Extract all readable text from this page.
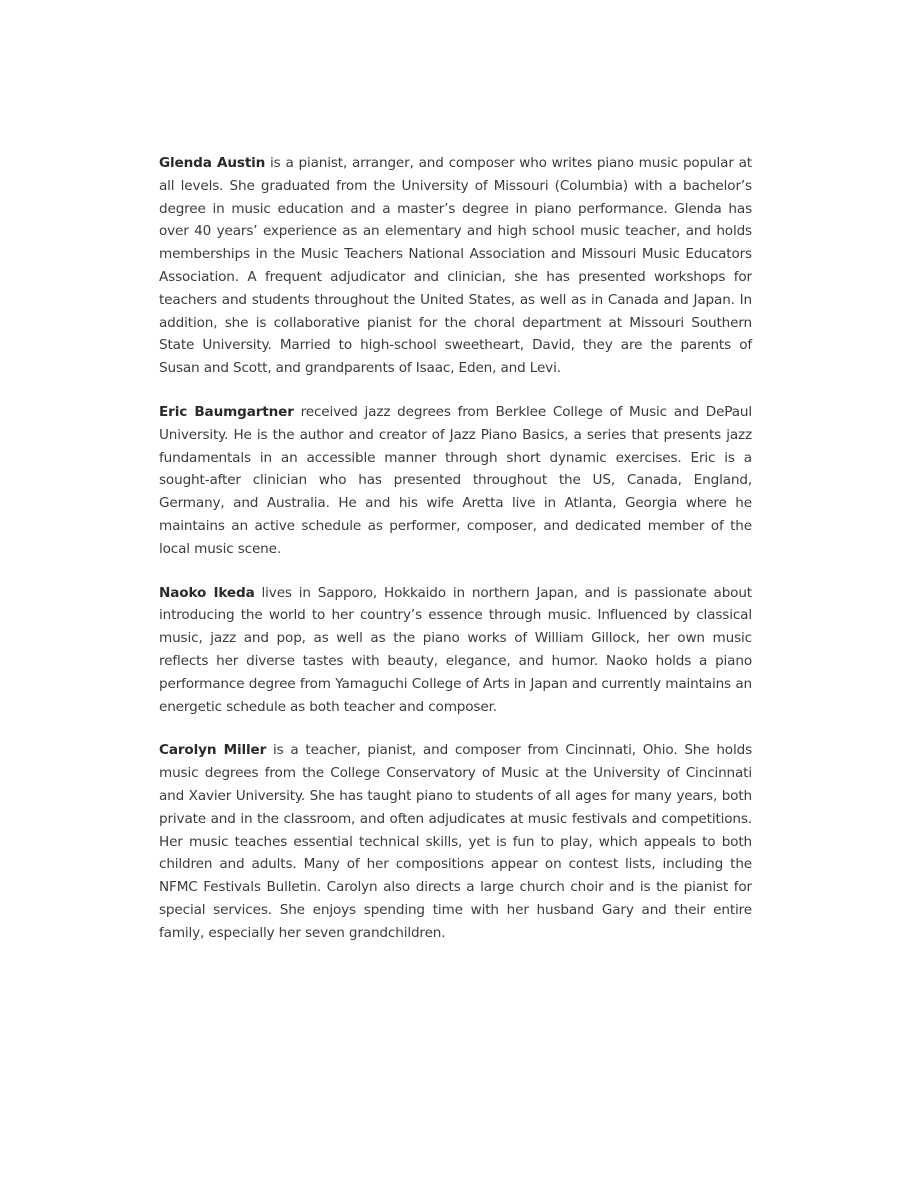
Glenda Austin is a pianist, arranger, and composer who writes piano music popular at all levels. She graduated from the University of Missouri (Columbia) with a bachelor’s degree in music education and a master’s degree in piano performance. Glenda has over 40 years’ experience as an elementary and high school music teacher, and holds memberships in the Music Teachers National Association and Missouri Music Educators Association. A frequent adjudicator and clinician, she has presented workshops for teachers and students throughout the United States, as well as in Canada and Japan. In addition, she is collaborative pianist for the choral department at Missouri Southern State University. Married to high-school sweetheart, David, they are the parents of Susan and Scott, and grandparents of Isaac, Eden, and Levi.

Eric Baumgartner received jazz degrees from Berklee College of Music and DePaul University. He is the author and creator of Jazz Piano Basics, a series that presents jazz fundamentals in an accessible manner through short dynamic exercises. Eric is a sought-after clinician who has presented throughout the US, Canada, England, Germany, and Australia. He and his wife Aretta live in Atlanta, Georgia where he maintains an active schedule as performer, composer, and dedicated member of the local music scene.

Naoko Ikeda lives in Sapporo, Hokkaido in northern Japan, and is passionate about introducing the world to her country’s essence through music. Influenced by classical music, jazz and pop, as well as the piano works of William Gillock, her own music reflects her diverse tastes with beauty, elegance, and humor. Naoko holds a piano performance degree from Yamaguchi College of Arts in Japan and currently maintains an energetic schedule as both teacher and composer.

Carolyn Miller is a teacher, pianist, and composer from Cincinnati, Ohio. She holds music degrees from the College Conservatory of Music at the University of Cincinnati and Xavier University. She has taught piano to students of all ages for many years, both private and in the classroom, and often adjudicates at music festivals and competitions. Her music teaches essential technical skills, yet is fun to play, which appeals to both children and adults. Many of her compositions appear on contest lists, including the NFMC Festivals Bulletin. Carolyn also directs a large church choir and is the pianist for special services. She enjoys spending time with her husband Gary and their entire family, especially her seven grandchildren.
